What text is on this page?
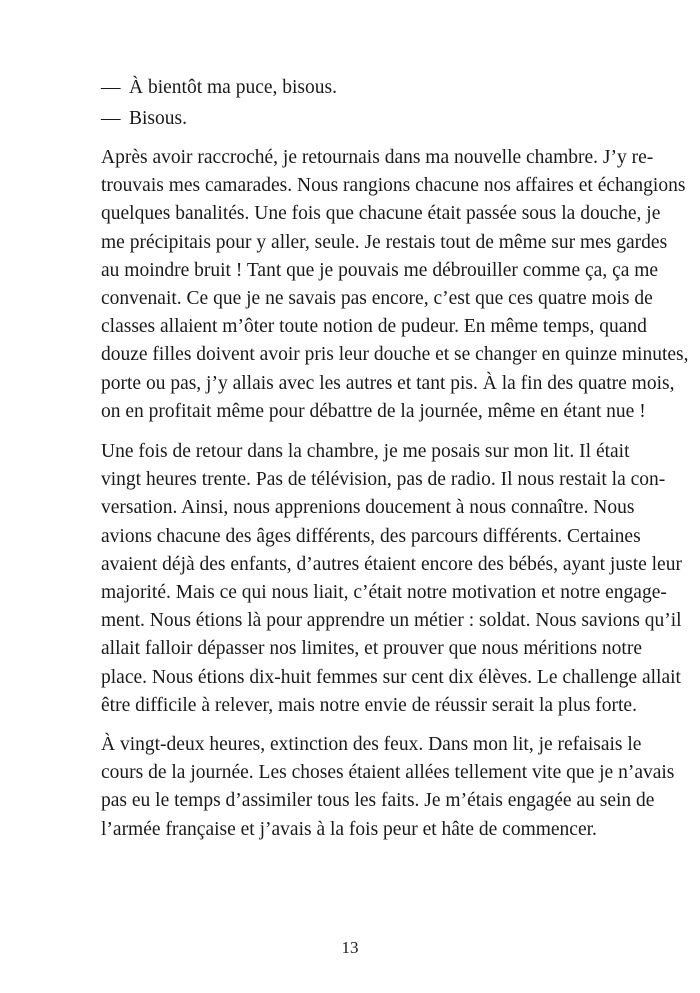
— À bientôt ma puce, bisous.
— Bisous.
Après avoir raccroché, je retournais dans ma nouvelle chambre. J’y re-
trouvais mes camarades. Nous rangions chacune nos affaires et échangions
quelques banalités. Une fois que chacune était passée sous la douche, je
me précipitais pour y aller, seule. Je restais tout de même sur mes gardes
au moindre bruit ! Tant que je pouvais me débrouiller comme ça, ça me
convenait. Ce que je ne savais pas encore, c’est que ces quatre mois de
classes allaient m’ôter toute notion de pudeur. En même temps, quand
douze filles doivent avoir pris leur douche et se changer en quinze minutes,
porte ou pas, j’y allais avec les autres et tant pis. À la fin des quatre mois,
on en profitait même pour débattre de la journée, même en étant nue !
Une fois de retour dans la chambre, je me posais sur mon lit. Il était
vingt heures trente. Pas de télévision, pas de radio. Il nous restait la con-
versation. Ainsi, nous apprenions doucement à nous connaître. Nous
avions chacune des âges différents, des parcours différents. Certaines
avaient déjà des enfants, d’autres étaient encore des bébés, ayant juste leur
majorité. Mais ce qui nous liait, c’était notre motivation et notre engage-
ment. Nous étions là pour apprendre un métier : soldat. Nous savions qu’il
allait falloir dépasser nos limites, et prouver que nous méritions notre
place. Nous étions dix-huit femmes sur cent dix élèves. Le challenge allait
être difficile à relever, mais notre envie de réussir serait la plus forte.
À vingt-deux heures, extinction des feux. Dans mon lit, je refaisais le
cours de la journée. Les choses étaient allées tellement vite que je n’avais
pas eu le temps d’assimiler tous les faits. Je m’étais engagée au sein de
l’armée française et j’avais à la fois peur et hâte de commencer.
13
